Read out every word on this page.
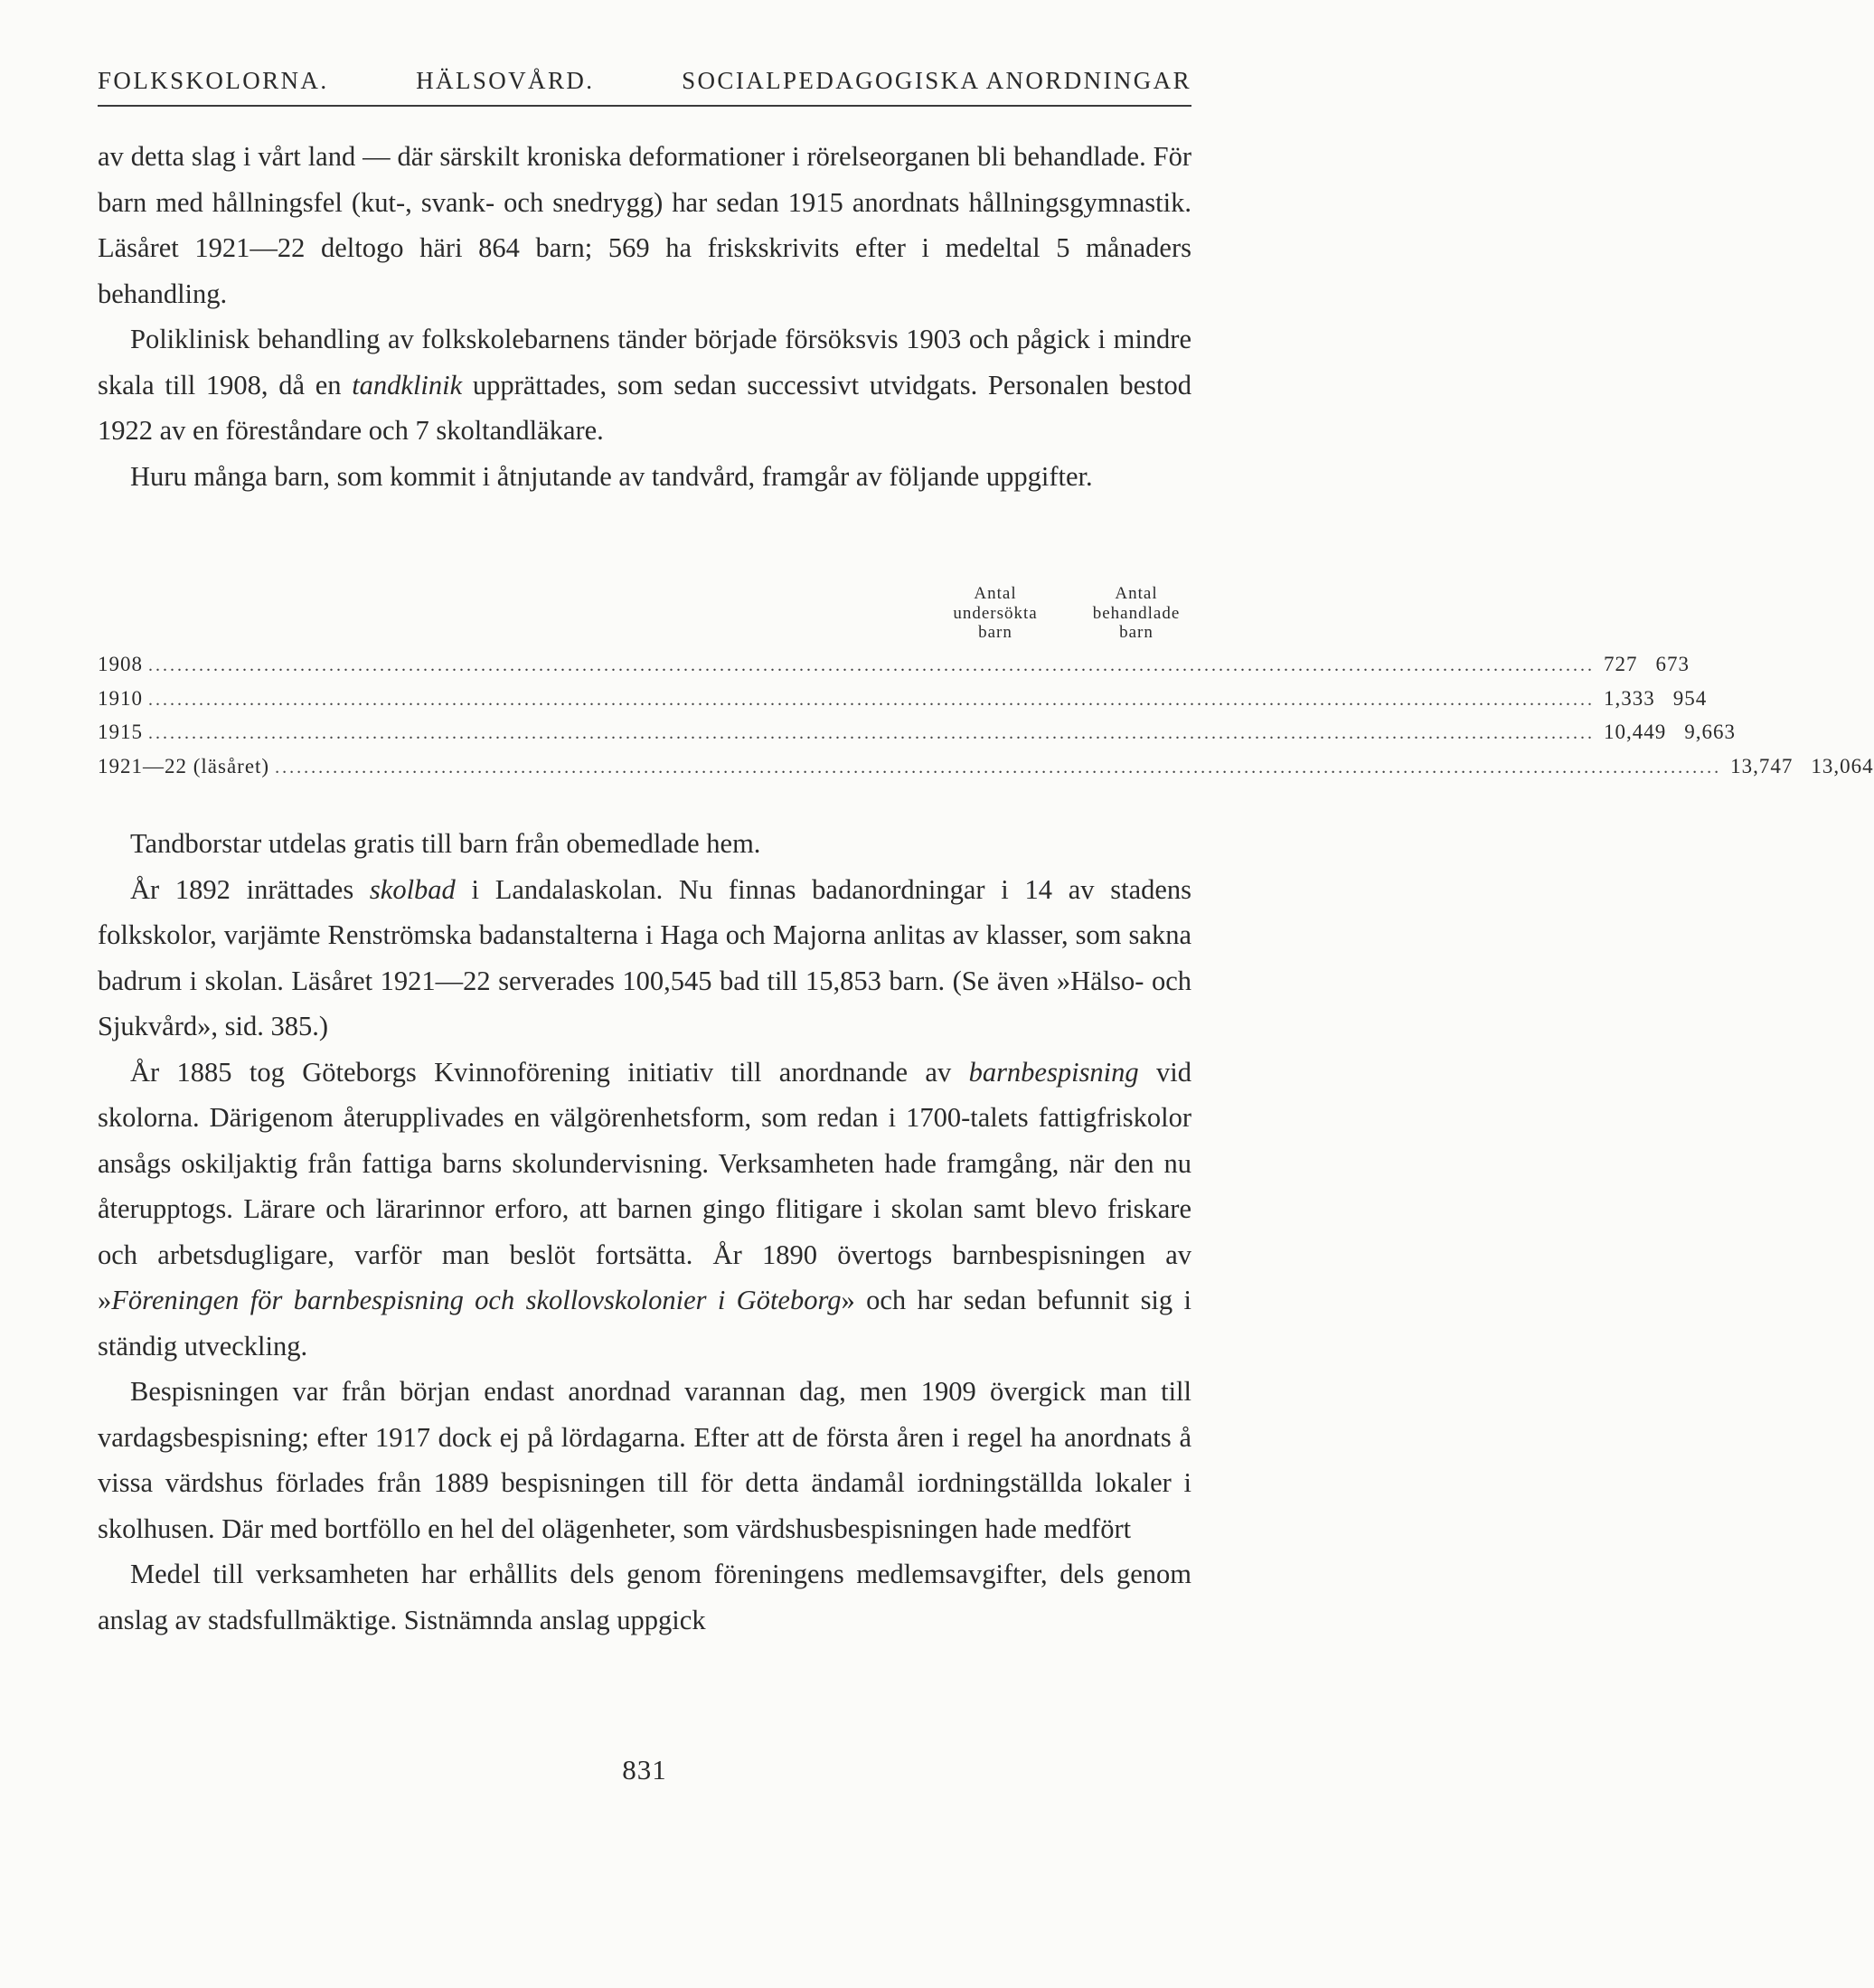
FOLKSKOLORNA.	HÄLSOVÅRD.	SOCIALPEDAGOGISKA ANORDNINGAR

av detta slag i vårt land — där särskilt kroniska deformationer i rörelseorganen bli behandlade. För barn med hållningsfel (kut-, svank- och snedrygg) har sedan 1915 anordnats hållningsgymnastik. Läsåret 1921—22 deltogo häri 864 barn; 569 ha friskskrivits efter i medeltal 5 månaders behandling.

Poliklinisk behandling av folkskolebarnens tänder började försöksvis 1903 och pågick i mindre skala till 1908, då en tandklinik upprättades, som sedan successivt utvidgats. Personalen bestod 1922 av en föreståndare och 7 skoltandläkare.

Huru många barn, som kommit i åtnjutande av tandvård, framgår av följande uppgifter.

Antal
undersökta
barn
Antal
behandlade
barn
1908 ........................................................................................................................................................................................................ 727 673
1910 ........................................................................................................................................................................................................ 1,333 954
1915 ........................................................................................................................................................................................................ 10,449 9,663
1921—22 (läsåret) ........................................................................................................................................................................................................ 13,747 13,064

Tandborstar utdelas gratis till barn från obemedlade hem.

År 1892 inrättades skolbad i Landalaskolan. Nu finnas badanordningar i 14 av stadens folkskolor, varjämte Renströmska badanstalterna i Haga och Majorna anlitas av klasser, som sakna badrum i skolan. Läsåret 1921—22 serverades 100,545 bad till 15,853 barn. (Se även »Hälso- och Sjukvård», sid. 385.)

År 1885 tog Göteborgs Kvinnoförening initiativ till anordnande av barnbespisning vid skolorna. Därigenom återupplivades en välgörenhetsform, som redan i 1700-talets fattigfriskolor ansågs oskiljaktig från fattiga barns skolundervisning. Verksamheten hade framgång, när den nu återupptogs. Lärare och lärarinnor erforo, att barnen gingo flitigare i skolan samt blevo friskare och arbetsdugligare, varför man beslöt fortsätta. År 1890 övertogs barnbespisningen av »Föreningen för barnbespisning och skollovskolonier i Göteborg» och har sedan befunnit sig i ständig utveckling.

Bespisningen var från början endast anordnad varannan dag, men 1909 övergick man till vardagsbespisning; efter 1917 dock ej på lördagarna. Efter att de första åren i regel ha anordnats å vissa värdshus förlades från 1889 bespisningen till för detta ändamål iordningställda lokaler i skolhusen. Där med bortföllo en hel del olägenheter, som värdshusbespisningen hade medfört

Medel till verksamheten har erhållits dels genom föreningens medlemsavgifter, dels genom anslag av stadsfullmäktige. Sistnämnda anslag uppgick

831
